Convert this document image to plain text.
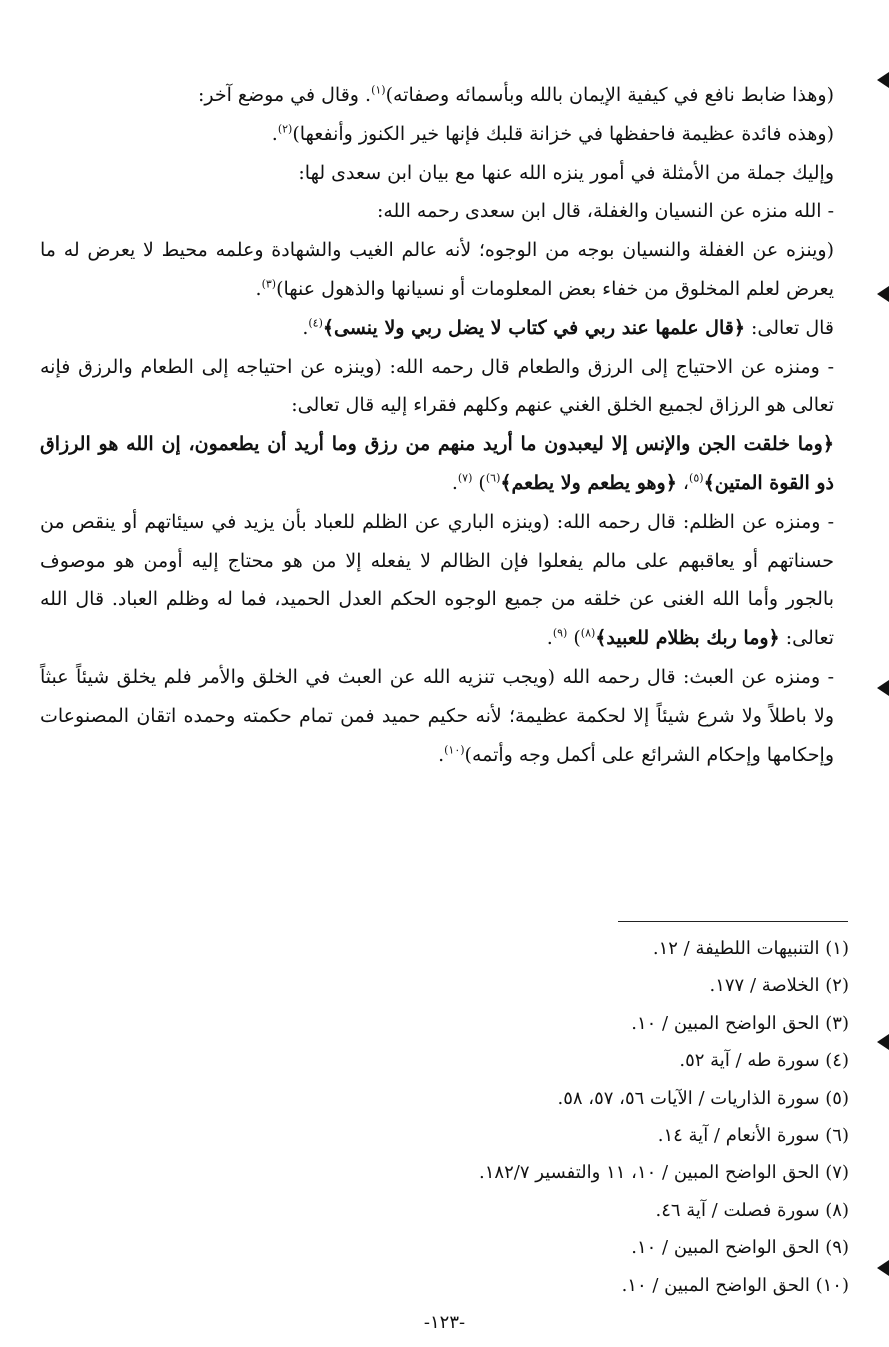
(وهذا ضابط نافع في كيفية الإيمان بالله وبأسمائه وصفاته)$^{(١)}$. وقال في موضع آخر:

(وهذه فائدة عظيمة فاحفظها في خزانة قلبك فإنها خير الكنوز وأنفعها)$^{(٢)}$.

وإليك جملة من الأمثلة في أمور ينزه الله عنها مع بيان ابن سعدى لها:

- الله منزه عن النسيان والغفلة، قال ابن سعدى رحمه الله:

(وينزه عن الغفلة والنسيان بوجه من الوجوه؛ لأنه عالم الغيب والشهادة وعلمه محيط لا يعرض له ما يعرض لعلم المخلوق من خفاء بعض المعلومات أو نسيانها والذهول عنها)$^{(٣)}$.

قال تعالى: ﴿قال علمها عند ربي في كتاب لا يضل ربي ولا ينسى﴾$^{(٤)}$.

- ومنزه عن الاحتياج إلى الرزق والطعام قال رحمه الله: (وينزه عن احتياجه إلى الطعام والرزق فإنه تعالى هو الرزاق لجميع الخلق الغني عنهم وكلهم فقراء إليه قال تعالى:

﴿وما خلقت الجن والإنس إلا ليعبدون ما أريد منهم من رزق وما أريد أن يطعمون، إن الله هو الرزاق ذو القوة المتين﴾$^{(٥)}$، ﴿وهو يطعم ولا يطعم﴾$^{(٦)}$) $^{(٧)}$.

- ومنزه عن الظلم: قال رحمه الله: (وينزه الباري عن الظلم للعباد بأن يزيد في سيئاتهم أو ينقص من حسناتهم أو يعاقبهم على مالم يفعلوا فإن الظالم لا يفعله إلا من هو محتاج إليه أومن هو موصوف بالجور وأما الله الغنى عن خلقه من جميع الوجوه الحكم العدل الحميد، فما له وظلم العباد. قال الله تعالى: ﴿وما ربك بظلام للعبيد﴾$^{(٨)}$) $^{(٩)}$.

- ومنزه عن العبث: قال رحمه الله (ويجب تنزيه الله عن العبث في الخلق والأمر فلم يخلق شيئاً عبثاً ولا باطلاً ولا شرع شيئاً إلا لحكمة عظيمة؛ لأنه حكيم حميد فمن تمام حكمته وحمده اتقان المصنوعات وإحكامها وإحكام الشرائع على أكمل وجه وأتمه)$^{(١٠)}$.

(١) التنبيهات اللطيفة / ١٢.
(٢) الخلاصة / ١٧٧.
(٣) الحق الواضح المبين / ١٠.
(٤) سورة طه / آية ٥٢.
(٥) سورة الذاريات / الآيات ٥٦، ٥٧، ٥٨.
(٦) سورة الأنعام / آية ١٤.
(٧) الحق الواضح المبين / ١٠، ١١ والتفسير ١٨٢/٧.
(٨) سورة فصلت / آية ٤٦.
(٩) الحق الواضح المبين / ١٠.
(١٠) الحق الواضح المبين / ١٠.
-١٢٣-
